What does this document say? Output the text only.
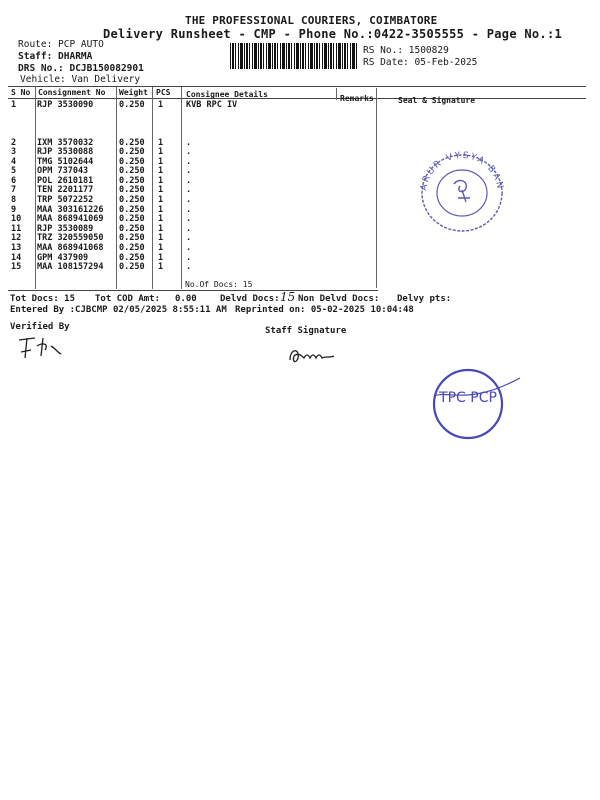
THE PROFESSIONAL COURIERS, COIMBATORE
Delivery Runsheet - CMP - Phone No.:0422-3505555 - Page No.:1
Route: PCP AUTO
Staff: DHARMA
DRS No.: DCJB150082901
Vehicle: Van Delivery
RS No.: 1500829
RS Date: 05-Feb-2025
S No Consignment No Weight PCS Consignee Details	Remarks	Seal & Signature
1 RJP 3530090	0.250 1	KVB RPC IV
2 IXM 3570032	0.250 1	.
3 RJP 3530088	0.250 1	.
4 TMG 5102644	0.250 1	.
5 OPM 737043	0.250 1	.
6 POL 2610181	0.250 1	.
7 TEN 2201177	0.250 1	.
8 TRP 5072252	0.250 1	.
9 MAA 303161226 0.250 1	.
10 MAA 868941069 0.250 1	.
11 RJP 3530089	0.250 1	.
12 TRZ 320559050 0.250 1	.
13 MAA 868941068 0.250 1	.
14 GPM 437909	0.250 1	.
15 MAA 108157294 0.250 1	.
No.Of Docs: 15
Tot Docs: 15 Tot COD Amt: 0.00	Delvd Docs: 15 Non Delvd Docs: Delvy pts:
Entered By :CJBCMP 02/05/2025 8:55:11 AM Reprinted on: 05-02-2025 10:04:48
Verified By	Staff Signature
KARUR VYSYA BANK
TPC PCP
